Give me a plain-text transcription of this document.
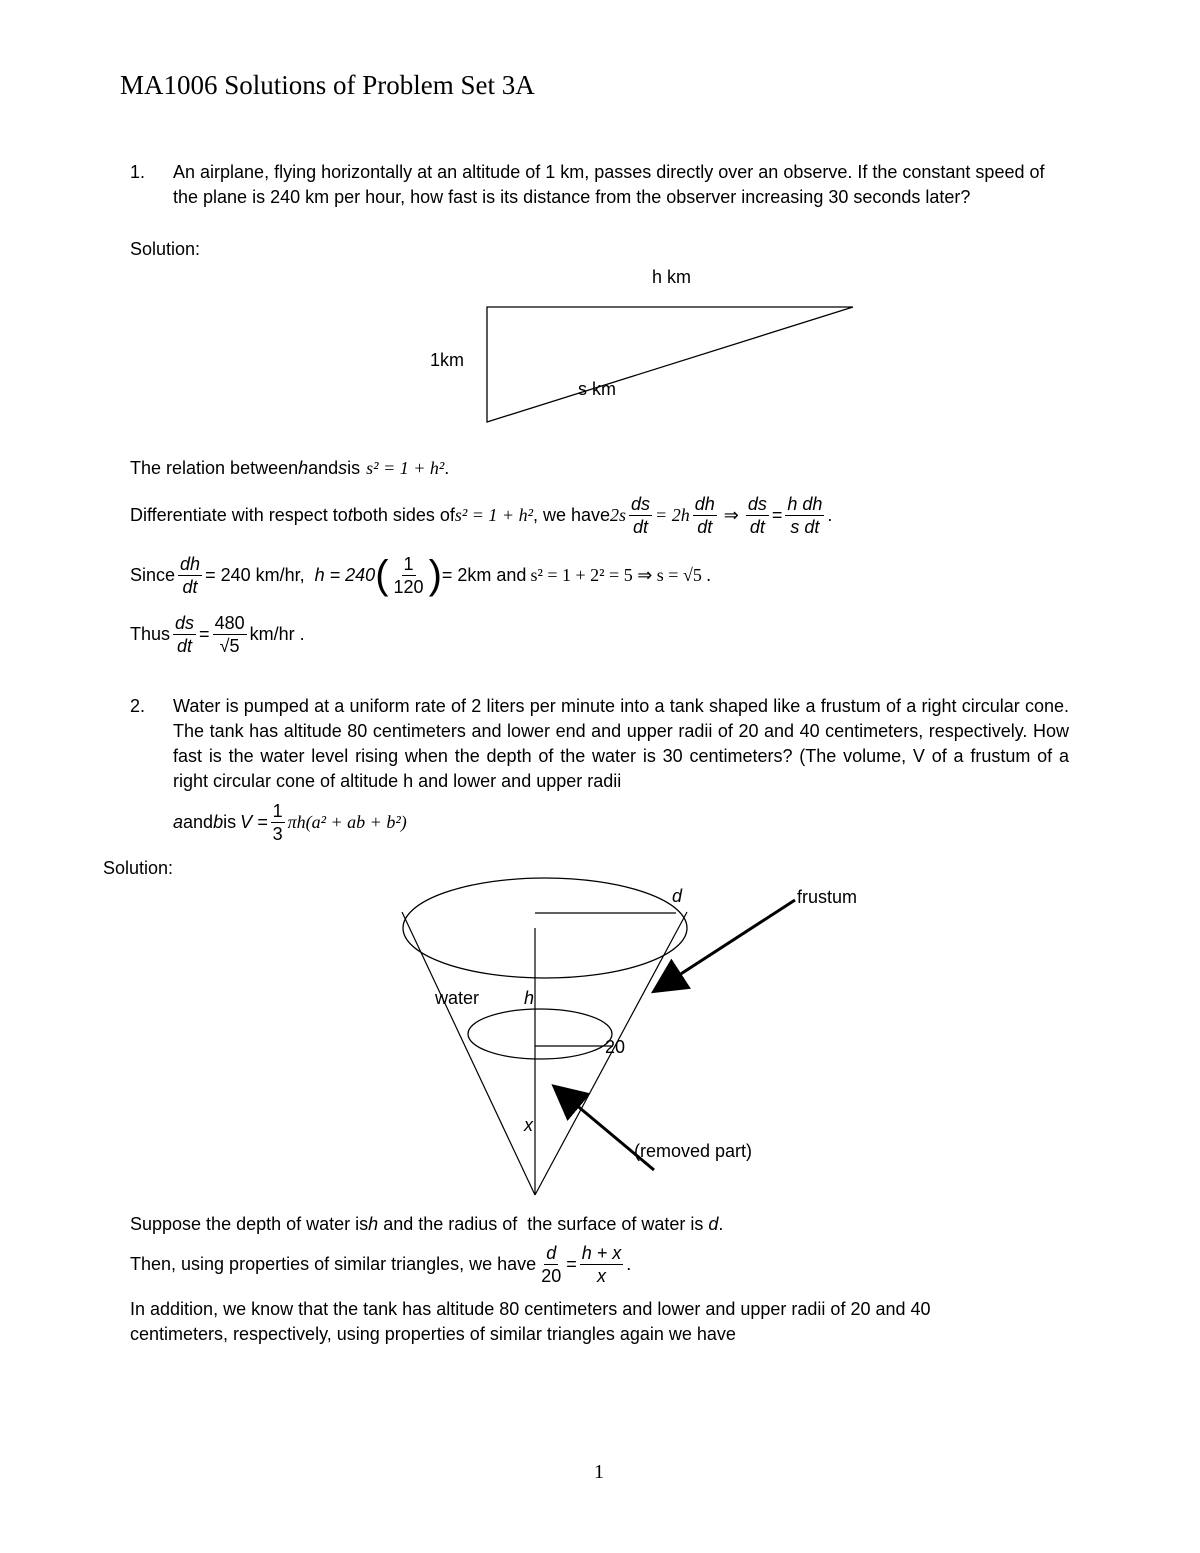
MA1006 Solutions of Problem Set 3A
1. An airplane, flying horizontally at an altitude of 1 km, passes directly over an observe. If the constant speed of the plane is 240 km per hour, how fast is its distance from the observer increasing 30 seconds later?
Solution:
h km
1km
s km
The relation between h and s is s² = 1 + h² .
Differentiate with respect to t both sides of s² = 1 + h² , we have $2s \frac{ds}{dt} = 2h \frac{dh}{dt}$ ⇒ $\frac{ds}{dt} = \frac{\text{h dh}}{\text{s dt}}$ .
Since $\frac{dh}{dt} = 240$ km/hr, h = 240 ( $\frac{1}{120}$ ) = 2km and s² = 1 + 2² = 5 ⇒ s = √5 .
Thus $\frac{ds}{dt} = \frac{480}{√5} km/hr$ .
2. Water is pumped at a uniform rate of 2 liters per minute into a tank shaped like a frustum of a right circular cone. The tank has altitude 80 centimeters and lower end and upper radii of 20 and 40 centimeters, respectively. How fast is the water level rising when the depth of the water is 30 centimeters? (The volume, V of a frustum of a right circular cone of altitude h and lower and upper radii
a and b is $V = \frac{1}{3} \pi h(a^2$ + ab + b²)
Solution:
d	frustum
water h
20
x
(removed part)
Suppose the depth of water is h and the radius of  the surface of water is d .
Then, using properties of similar triangles, we have $\frac{d}{20} = \frac{h + x}{x}$ .
In addition, we know that the tank has altitude 80 centimeters and lower and upper radii of 20 and 40 centimeters, respectively, using properties of similar triangles again we have
1
